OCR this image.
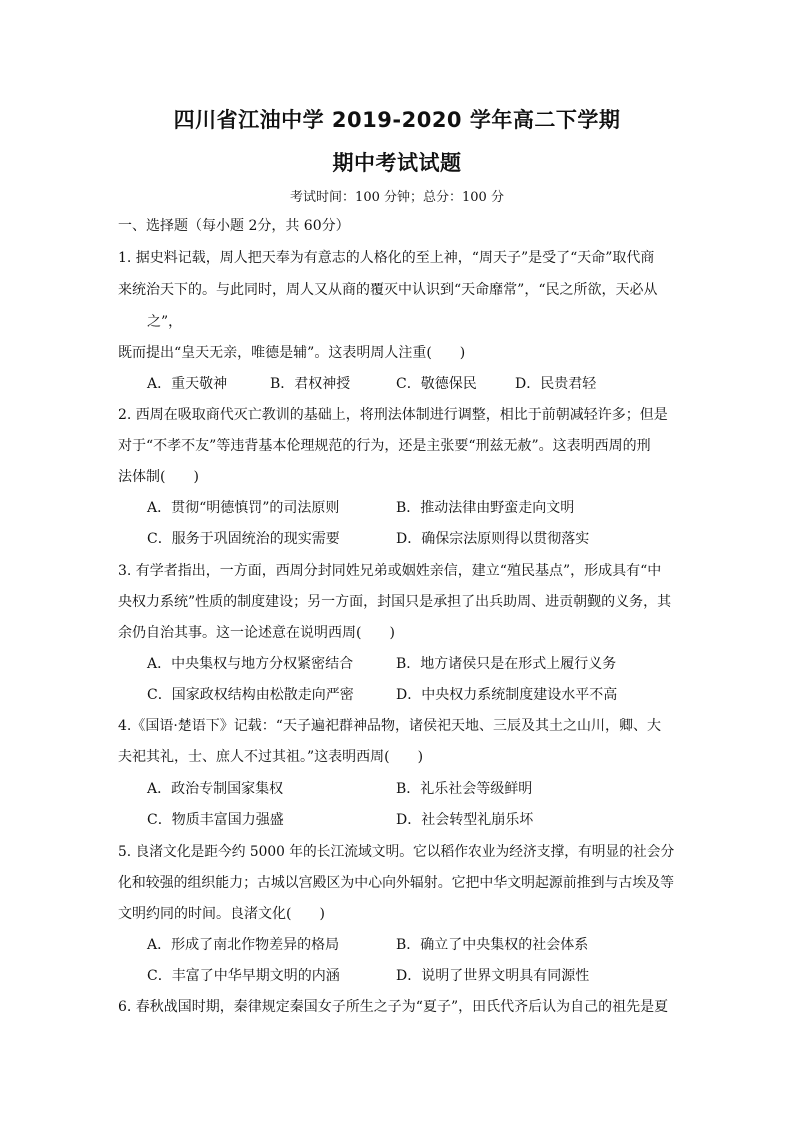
四川省江油中学 2019-2020 学年高二下学期
期中考试试题
考试时间：100 分钟；总分：100 分
一、选择题（每小题 2分，共 60分）
1. 据史料记载，周人把天奉为有意志的人格化的至上神，“周天子”是受了“天命”取代商
来统治天下的。与此同时，周人又从商的覆灭中认识到“天命靡常”，“民之所欲，天必从
之”，
既而提出“皇天无亲，唯德是辅”。这表明周人注重(　　)
A．重天敬神	B．君权神授	C．敬德保民	D．民贵君轻
2. 西周在吸取商代灭亡教训的基础上，将刑法体制进行调整，相比于前朝减轻许多；但是
对于“不孝不友”等违背基本伦理规范的行为，还是主张要“刑兹无赦”。这表明西周的刑
法体制(　　)
A．贯彻“明德慎罚”的司法原则	B．推动法律由野蛮走向文明
C．服务于巩固统治的现实需要	D．确保宗法原则得以贯彻落实
3. 有学者指出，一方面，西周分封同姓兄弟或姻姓亲信，建立“殖民基点”，形成具有“中
央权力系统”性质的制度建设；另一方面，封国只是承担了出兵助周、进贡朝觐的义务，其
余仍自治其事。这一论述意在说明西周(　　)
A．中央集权与地方分权紧密结合	B．地方诸侯只是在形式上履行义务
C．国家政权结构由松散走向严密	D．中央权力系统制度建设水平不高
4.《国语·楚语下》记载：“天子遍祀群神品物，诸侯祀天地、三辰及其土之山川，卿、大
夫祀其礼，士、庶人不过其祖。”这表明西周(　　)
A．政治专制国家集权	B．礼乐社会等级鲜明
C．物质丰富国力强盛	D．社会转型礼崩乐坏
5. 良渚文化是距今约 5000 年的长江流域文明。它以稻作农业为经济支撑，有明显的社会分
化和较强的组织能力；古城以宫殿区为中心向外辐射。它把中华文明起源前推到与古埃及等
文明约同的时间。良渚文化(　　)
A．形成了南北作物差异的格局	B．确立了中央集权的社会体系
C．丰富了中华早期文明的内涵	D．说明了世界文明具有同源性
6. 春秋战国时期，秦律规定秦国女子所生之子为“夏子”，田氏代齐后认为自己的祖先是夏
